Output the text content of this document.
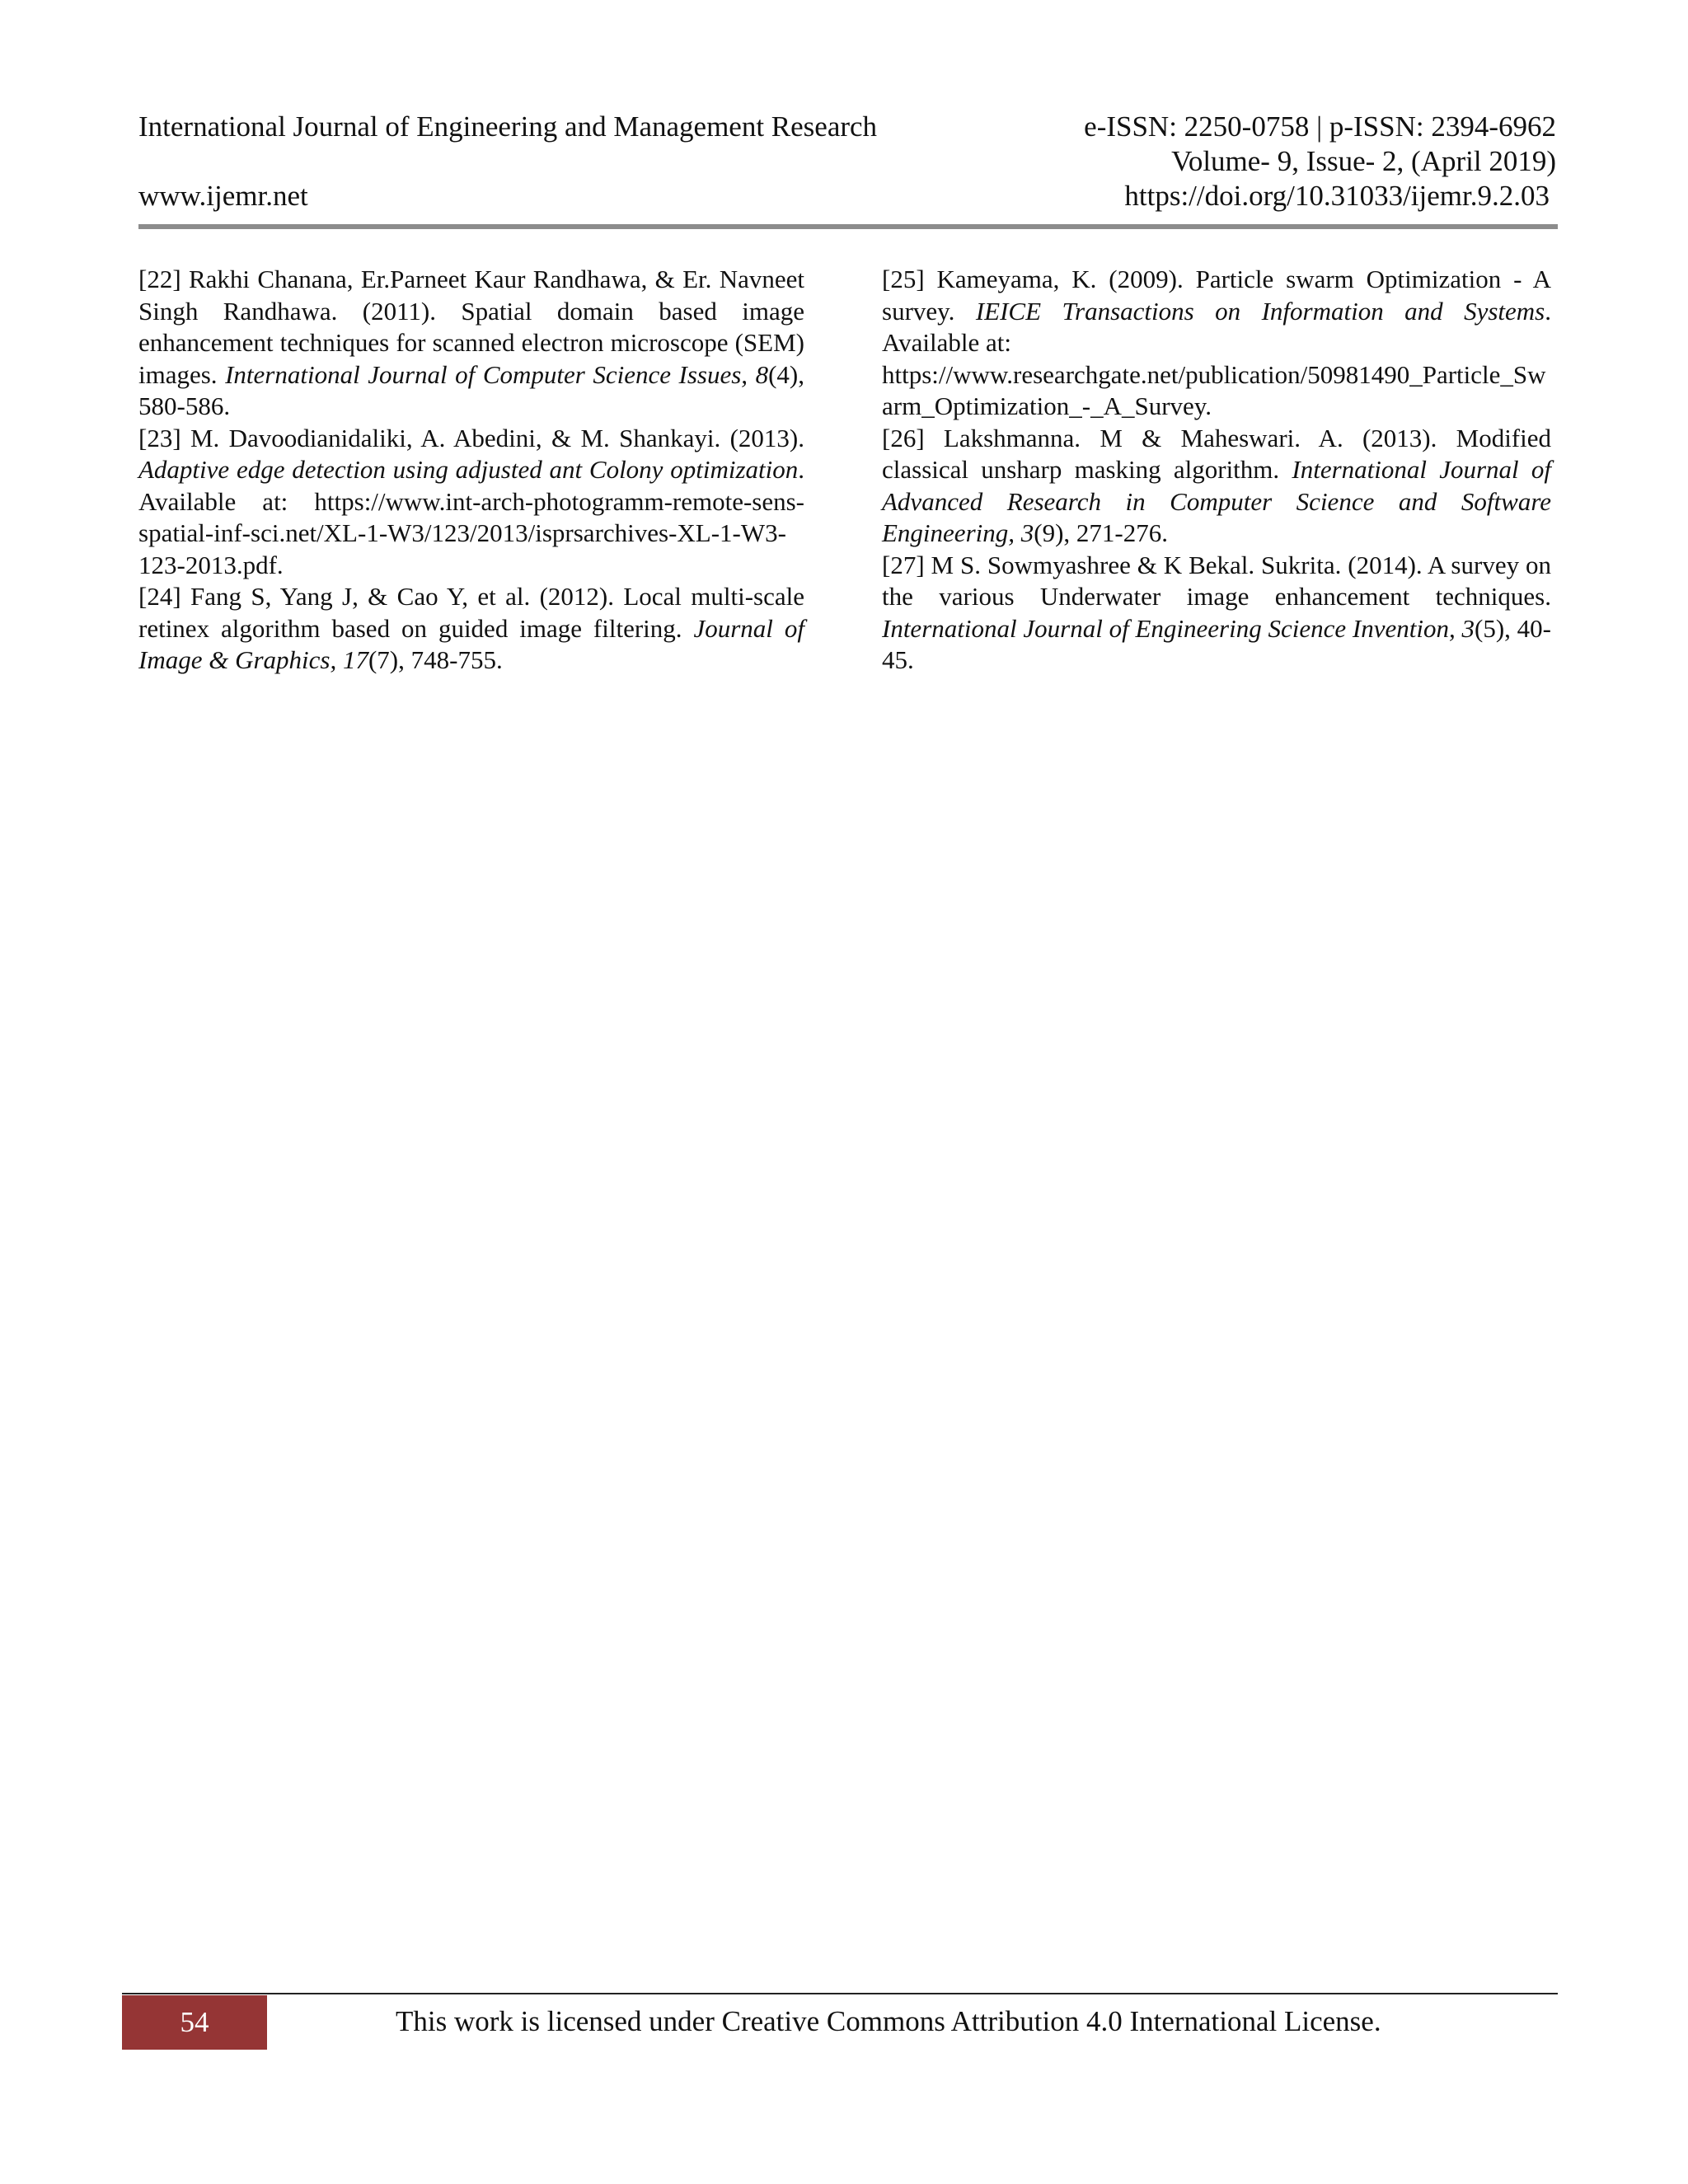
International Journal of Engineering and Management Research
www.ijemr.net
e-ISSN: 2250-0758 | p-ISSN: 2394-6962
Volume- 9, Issue- 2, (April 2019)
https://doi.org/10.31033/ijemr.9.2.03

[22] Rakhi Chanana, Er.Parneet Kaur Randhawa, & Er. Navneet Singh Randhawa. (2011). Spatial domain based image enhancement techniques for scanned electron microscope (SEM) images. International Journal of Computer Science Issues, 8(4), 580-586.

[23] M. Davoodianidaliki, A. Abedini, & M. Shankayi. (2013). Adaptive edge detection using adjusted ant Colony optimization. Available at: https://www.int-arch-photogramm-remote-sens-spatial-inf-sci.net/XL-1-W3/123/2013/isprsarchives-XL-1-W3-123-2013.pdf.

[24] Fang S, Yang J, & Cao Y, et al. (2012). Local multi-scale retinex algorithm based on guided image filtering. Journal of Image & Graphics, 17(7), 748-755.

[25] Kameyama, K. (2009). Particle swarm Optimization - A survey. IEICE Transactions on Information and Systems. Available at:

https://www.researchgate.net/publication/50981490_Particle_Swarm_Optimization_-_A_Survey.

[26] Lakshmanna. M & Maheswari. A. (2013). Modified classical unsharp masking algorithm. International Journal of Advanced Research in Computer Science and Software Engineering, 3(9), 271-276.

[27] M S. Sowmyashree & K Bekal. Sukrita. (2014). A survey on the various Underwater image enhancement techniques. International Journal of Engineering Science Invention, 3(5), 40-45.

54	This work is licensed under Creative Commons Attribution 4.0 International License.
